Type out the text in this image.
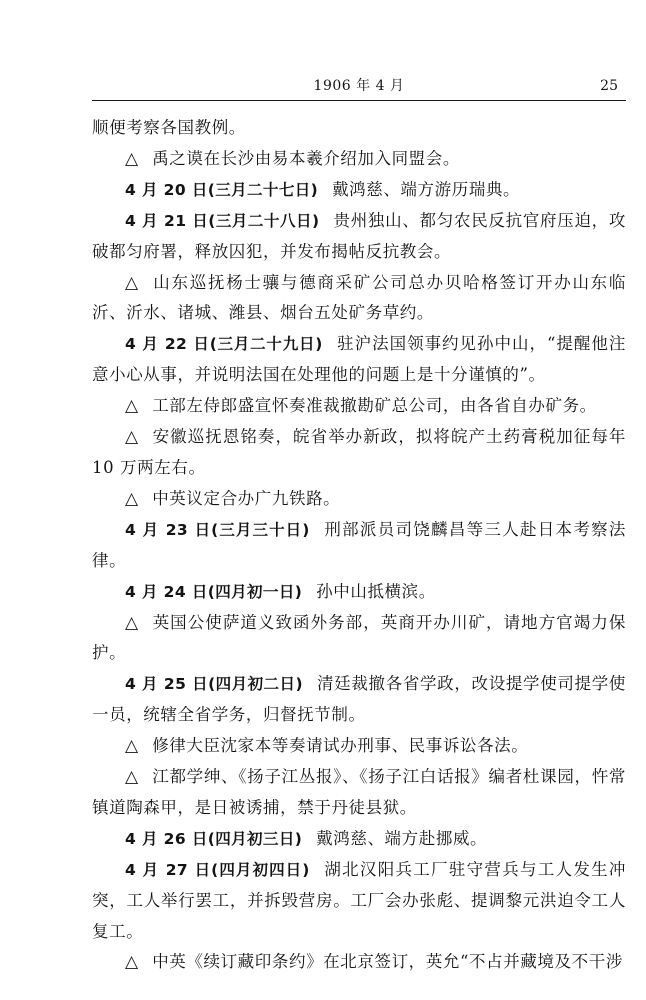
1906 年 4 月	25

顺便考察各国教例。

△ 禹之谟在长沙由易本羲介绍加入同盟会。

4 月 20 日(三月二十七日) 戴鸿慈、端方游历瑞典。

4 月 21 日(三月二十八日) 贵州独山、都匀农民反抗官府压迫，攻破都匀府署，释放囚犯，并发布揭帖反抗教会。

△ 山东巡抚杨士骧与德商采矿公司总办贝哈格签订开办山东临沂、沂水、诸城、潍县、烟台五处矿务草约。

4 月 22 日(三月二十九日) 驻沪法国领事约见孙中山，“提醒他注意小心从事，并说明法国在处理他的问题上是十分谨慎的”。

△ 工部左侍郎盛宣怀奏准裁撤勘矿总公司，由各省自办矿务。

△ 安徽巡抚恩铭奏，皖省举办新政，拟将皖产土药膏税加征每年10 万两左右。

△ 中英议定合办广九铁路。

4 月 23 日(三月三十日) 刑部派员司饶麟昌等三人赴日本考察法律。

4 月 24 日(四月初一日) 孙中山抵横滨。

△ 英国公使萨道义致函外务部，英商开办川矿，请地方官竭力保护。

4 月 25 日(四月初二日) 清廷裁撤各省学政，改设提学使司提学使一员，统辖全省学务，归督抚节制。

△ 修律大臣沈家本等奏请试办刑事、民事诉讼各法。

△ 江都学绅、《扬子江丛报》、《扬子江白话报》编者杜课园，忤常镇道陶森甲，是日被诱捕，禁于丹徒县狱。

4 月 26 日(四月初三日) 戴鸿慈、端方赴挪威。

4 月 27 日(四月初四日) 湖北汉阳兵工厂驻守营兵与工人发生冲突，工人举行罢工，并拆毁营房。工厂会办张彪、提调黎元洪迫令工人复工。

△ 中英《续订藏印条约》在北京签订，英允“不占并藏境及不干涉
